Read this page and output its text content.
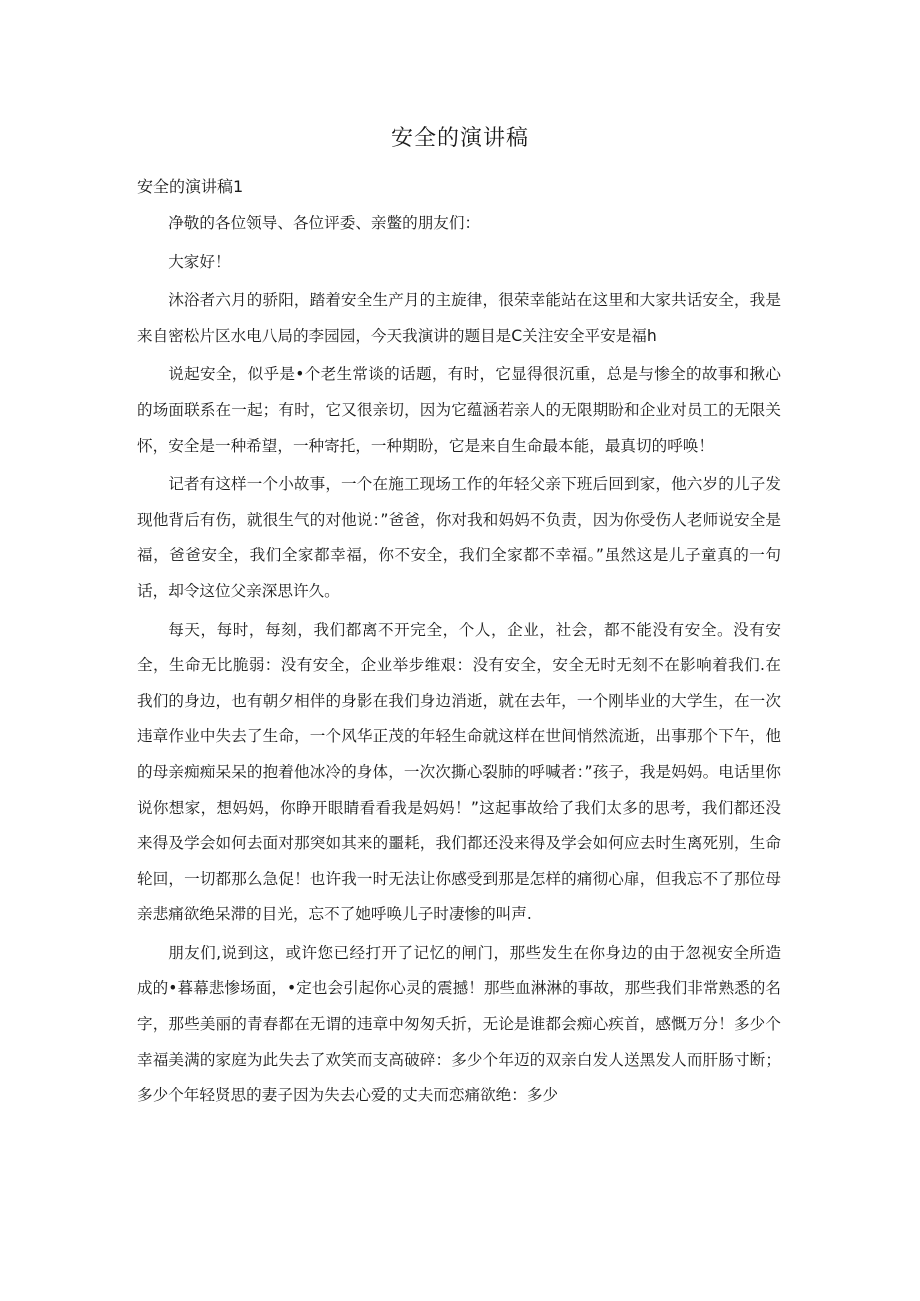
安全的演讲稿

安全的演讲稿1

净敬的各位领导、各位评委、亲鳖的朋友们：

大家好！

沐浴者六月的骄阳，踏着安全生产月的主旋律，很荣幸能站在这里和大家共话安全，我是来自密松片区水电八局的李园园，今天我演讲的题目是C关注安全平安是福h

说起安全，似乎是•个老生常谈的话题，有时，它显得很沉重，总是与惨全的故事和揪心的场面联系在一起；有时，它又很亲切，因为它蕴涵若亲人的无限期盼和企业对员工的无限关怀，安全是一种希望，一种寄托，一种期盼，它是来自生命最本能，最真切的呼唤！

记者有这样一个小故事，一个在施工现场工作的年轻父亲下班后回到家，他六岁的儿子发现他背后有伤，就很生气的对他说：”爸爸，你对我和妈妈不负责，因为你受伤人老师说安全是福，爸爸安全，我们全家都幸福，你不安全，我们全家都不幸福。”虽然这是儿子童真的一句话，却令这位父亲深思许久。

每天，每时，每刻，我们都离不开完全，个人，企业，社会，都不能没有安全。没有安全，生命无比脆弱：没有安全，企业举步维艰：没有安全，安全无时无刻不在影响着我们.在我们的身边，也有朝夕相伴的身影在我们身边消逝，就在去年，一个刚毕业的大学生，在一次违章作业中失去了生命，一个风华正茂的年轻生命就这样在世间悄然流逝，出事那个下午，他的母亲痴痴呆呆的抱着他冰冷的身体，一次次撕心裂肺的呼喊者：”孩子，我是妈妈。电话里你说你想家，想妈妈，你睁开眼睛看看我是妈妈！”这起事故给了我们太多的思考，我们都还没来得及学会如何去面对那突如其来的噩耗，我们都还没来得及学会如何应去时生离死别，生命轮回，一切都那么急促！也许我一时无法让你感受到那是怎样的痛彻心扉，但我忘不了那位母亲悲痛欲绝呆滞的目光，忘不了她呼唤儿子时凄惨的叫声.

朋友们,说到这，或许您已经打开了记忆的闸门，那些发生在你身边的由于忽视安全所造成的•暮幕悲惨场面，•定也会引起你心灵的震撼！那些血淋淋的事故，那些我们非常熟悉的名字，那些美丽的青春都在无谓的违章中匆匆夭折，无论是谁都会痴心疾首，感慨万分！多少个幸福美满的家庭为此失去了欢笑而支高破碎：多少个年迈的双亲白发人送黑发人而肝肠寸断；多少个年轻贤思的妻子因为失去心爱的丈夫而恋痛欲绝：多少
